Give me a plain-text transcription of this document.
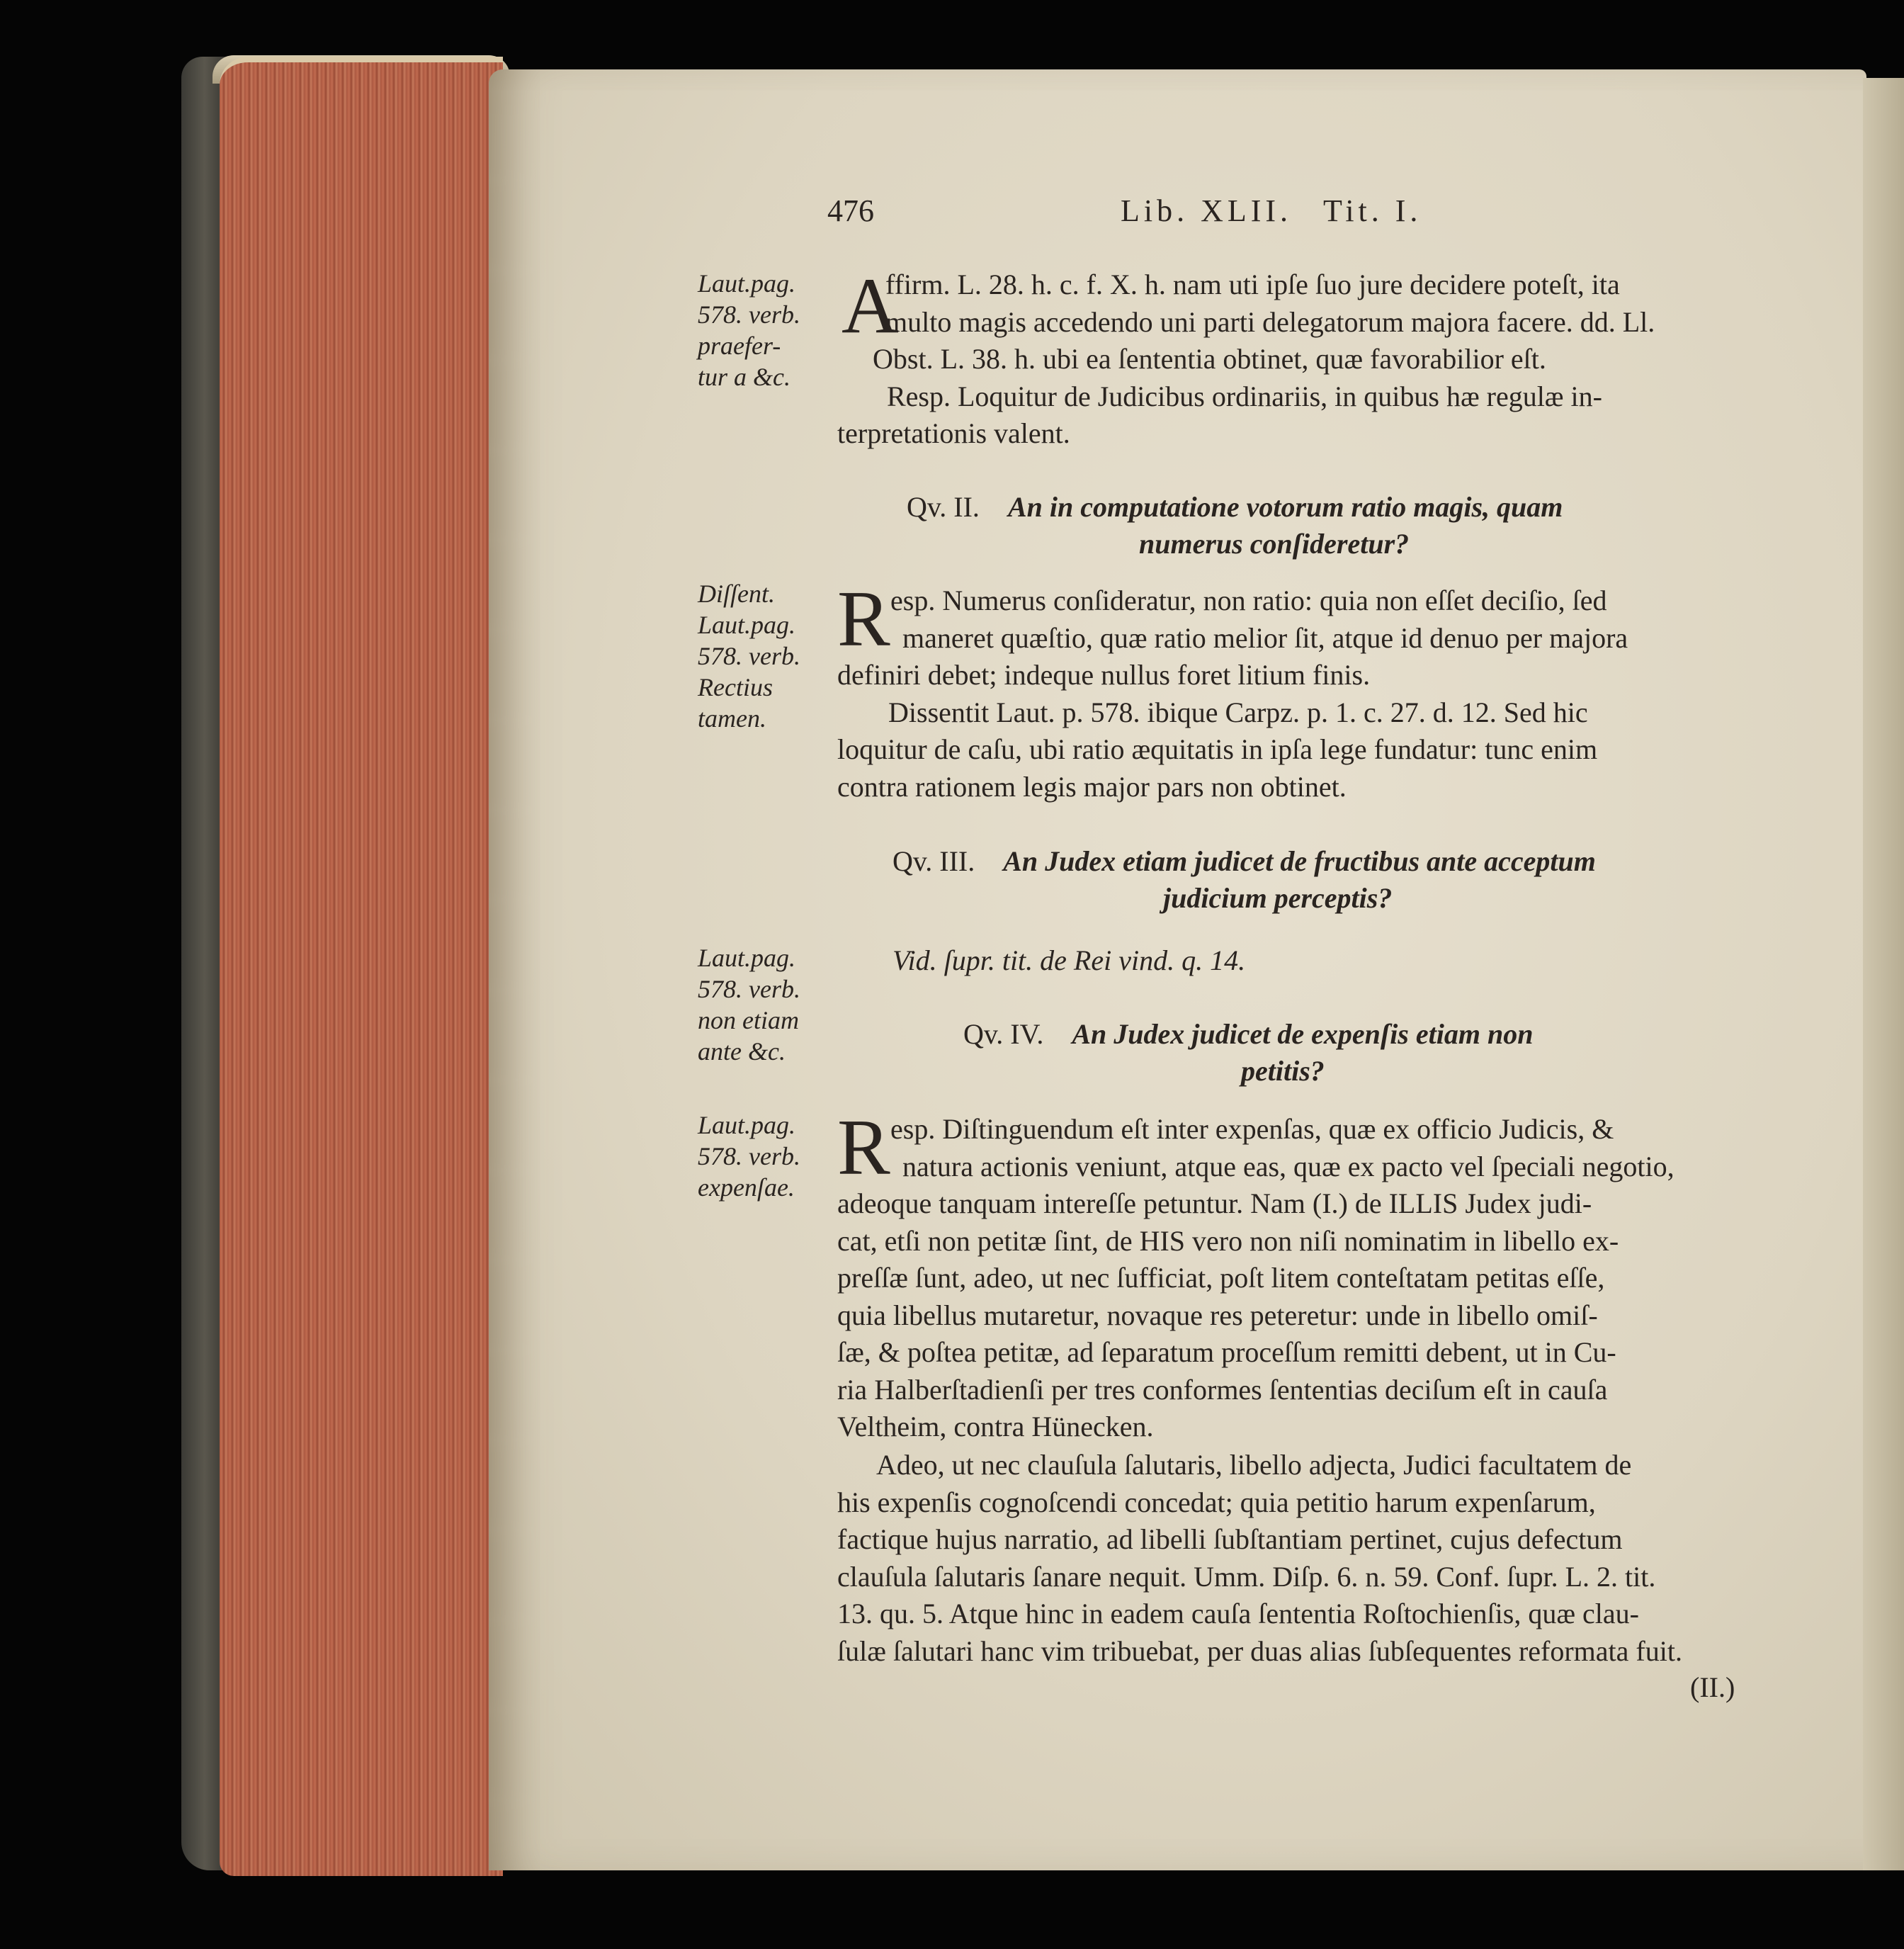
476	Lib. XLII. Tit. I.
Laut.pag.
578. verb.
praefer-
tur a &c.
A
ffirm. L. 28. h. c. f. X. h. nam uti ipſe ſuo jure decidere poteſt, ita
multo magis accedendo uni parti delegatorum majora facere. dd. Ll.
Obst. L. 38. h. ubi ea ſententia obtinet, quæ favorabilior eſt.
Resp. Loquitur de Judicibus ordinariis, in quibus hæ regulæ in-
terpretationis valent.
Qv. II. An in computatione votorum ratio magis, quam
numerus conſideretur?
Diſſent.
Laut.pag.
578. verb.
Rectius
tamen.
R esp. Numerus conſideratur, non ratio: quia non eſſet deciſio, ſed
maneret quæſtio, quæ ratio melior ſit, atque id denuo per majora
definiri debet; indeque nullus foret litium finis.
Dissentit Laut. p. 578. ibique Carpz. p. 1. c. 27. d. 12. Sed hic
loquitur de caſu, ubi ratio æquitatis in ipſa lege fundatur: tunc enim
contra rationem legis major pars non obtinet.
Qv. III. An Judex etiam judicet de fructibus ante acceptum
judicium perceptis?
Laut.pag.
578. verb.
non etiam
ante &c.
Vid. ſupr. tit. de Rei vind. q. 14.
Qv. IV. An Judex judicet de expenſis etiam non
petitis?
Laut.pag.
578. verb.
expenſae. R esp. Diſtinguendum eſt inter expenſas, quæ ex officio Judicis, &
natura actionis veniunt, atque eas, quæ ex pacto vel ſpeciali negotio,
adeoque tanquam intereſſe petuntur. Nam (I.) de ILLIS Judex judi-
cat, etſi non petitæ ſint, de HIS vero non niſi nominatim in libello ex-
preſſæ ſunt, adeo, ut nec ſufficiat, poſt litem conteſtatam petitas eſſe,
quia libellus mutaretur, novaque res peteretur: unde in libello omiſ-
ſæ, & poſtea petitæ, ad ſeparatum proceſſum remitti debent, ut in Cu-
ria Halberſtadienſi per tres conformes ſententias deciſum eſt in cauſa
Veltheim, contra Hünecken.
Adeo, ut nec clauſula ſalutaris, libello adjecta, Judici facultatem de
his expenſis cognoſcendi concedat; quia petitio harum expenſarum,
factique hujus narratio, ad libelli ſubſtantiam pertinet, cujus defectum
clauſula ſalutaris ſanare nequit. Umm. Diſp. 6. n. 59. Conf. ſupr. L. 2. tit.
13. qu. 5. Atque hinc in eadem cauſa ſententia Roſtochienſis, quæ clau-
ſulæ ſalutari hanc vim tribuebat, per duas alias ſubſequentes reformata fuit.
(II.)
